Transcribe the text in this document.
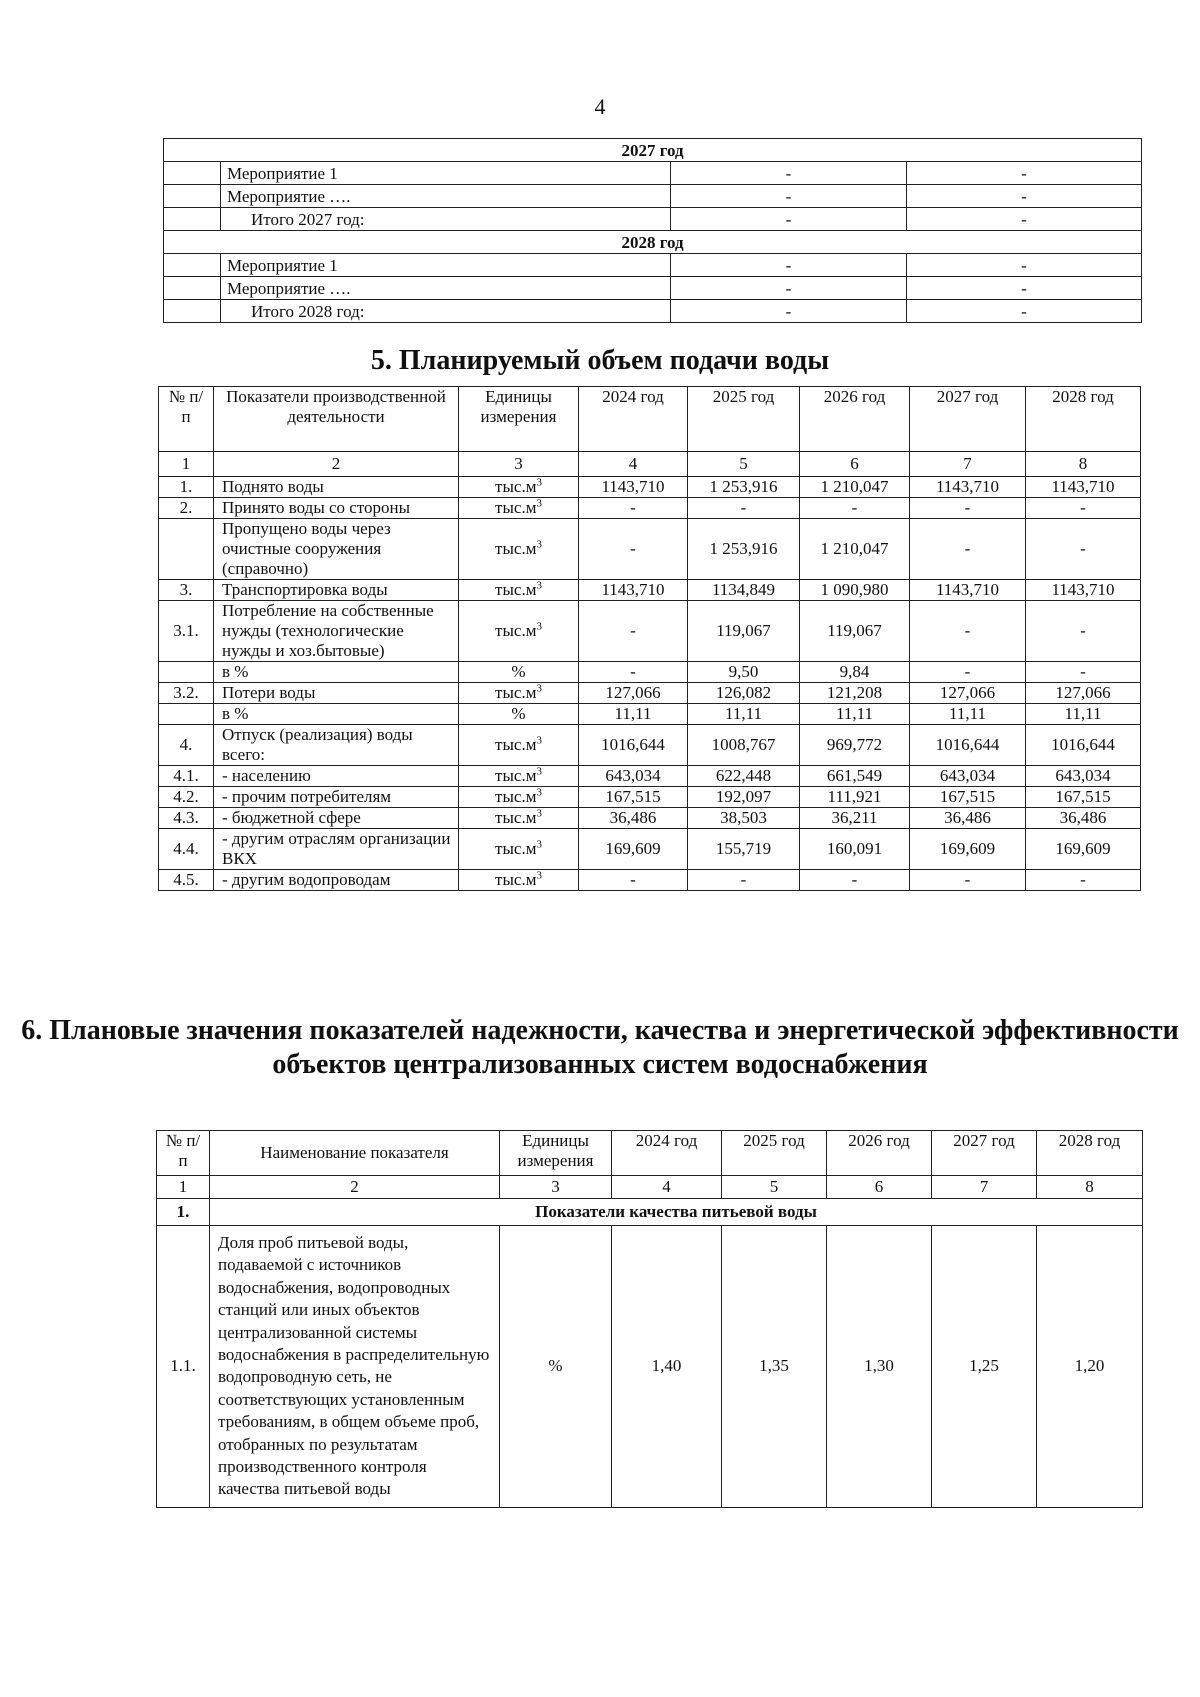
4
2027 год			
	Мероприятие 1	-	-
	Мероприятие ….	-	-
	Итого 2027 год:	-	-
2028 год			
	Мероприятие 1	-	-
	Мероприятие ….	-	-
	Итого 2028 год:	-	-
5. Планируемый объем подачи воды
№ п/п	Показатели производственной деятельности	Единицы измерения	2024 год	2025 год	2026 год	2027 год	2028 год
1	2	3	4	5	6	7	8
1.	Поднято воды	$тыс.м^3$	1143,710	1 253,916	1 210,047	1143,710	1143,710
2.	Принято воды со стороны	$тыс.м^3$	-	-	-	-	-
	Пропущено воды через очистные сооружения (справочно)	$тыс.м^3$	-	1 253,916	1 210,047	-	-
3.	Транспортировка воды	$тыс.м^3$	1143,710	1134,849	1 090,980	1143,710	1143,710
3.1.	Потребление на собственные нужды (технологические нужды и хоз.бытовые)	$тыс.м^3$	-	119,067	119,067	-	-
	в %	%	-	9,50	9,84	-	-
3.2.	Потери воды	$тыс.м^3$	127,066	126,082	121,208	127,066	127,066
	в %	%	11,11	11,11	11,11	11,11	11,11
4.	Отпуск (реализация) воды всего:	$тыс.м^3$	1016,644	1008,767	969,772	1016,644	1016,644
4.1.	- населению	$тыс.м^3$	643,034	622,448	661,549	643,034	643,034
4.2.	- прочим потребителям	$тыс.м^3$	167,515	192,097	111,921	167,515	167,515
4.3.	- бюджетной сфере	$тыс.м^3$	36,486	38,503	36,211	36,486	36,486
4.4.	- другим отраслям организации ВКХ	$тыс.м^3$	169,609	155,719	160,091	169,609	169,609
4.5.	- другим водопроводам	$тыс.м^3$	-	-	-	-	-
6. Плановые значения показателей надежности, качества и энергетической эффективности объектов централизованных систем водоснабжения
№ п/п	Наименование показателя	Единицы измерения	2024 год	2025 год	2026 год	2027 год	2028 год
1	2	3	4	5	6	7	8
1.	Показатели качества питьевой воды						
1.1.	Доля проб питьевой воды, подаваемой с источников водоснабжения, водопроводных станций или иных объектов централизованной системы водоснабжения в распределительную водопроводную сеть, не соответствующих установленным требованиям, в общем объеме проб, отобранных по результатам производственного контроля качества питьевой воды	%	1,40	1,35	1,30	1,25	1,20
